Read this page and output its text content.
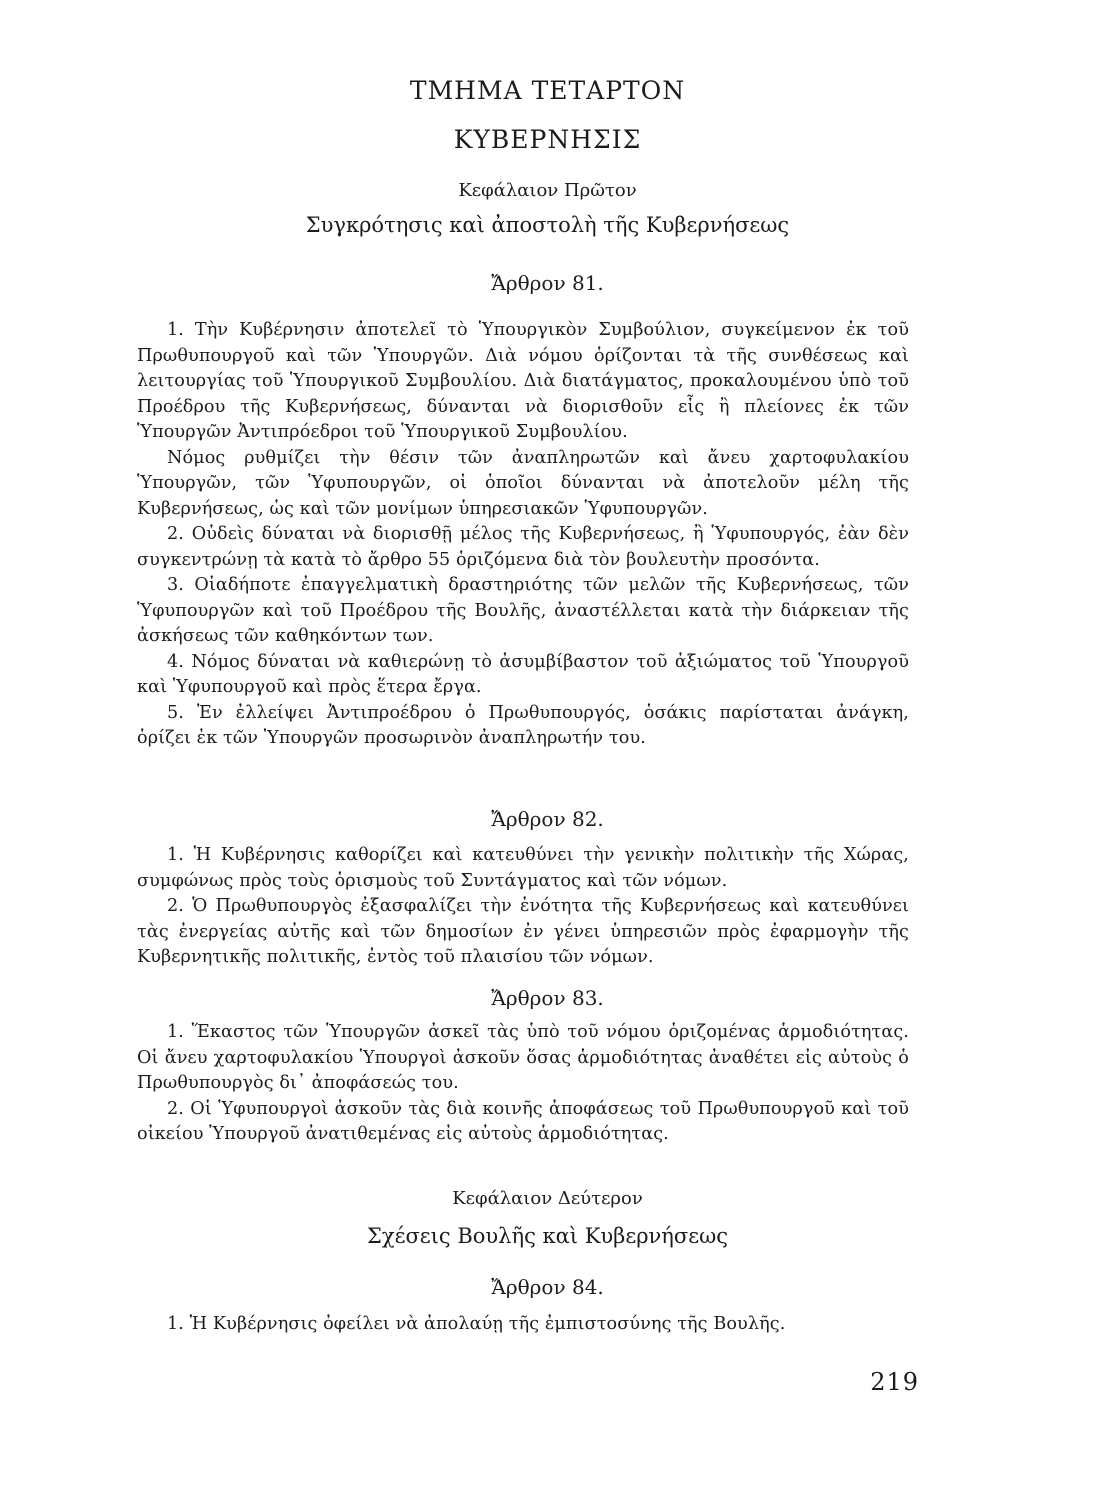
ΤΜΗΜΑ ΤΕΤΑΡΤΟΝ
ΚΥΒΕΡΝΗΣΙΣ
Κεφάλαιον Πρῶτον
Συγκρότησις καὶ ἀποστολὴ τῆς Κυβερνήσεως
Ἄρθρον 81.

1. Τὴν Κυβέρνησιν ἀποτελεῖ τὸ Ὑπουργικὸν Συμβούλιον, συγκείμενον ἐκ τοῦ Πρωθυπουργοῦ καὶ τῶν Ὑπουργῶν. Διὰ νόμου ὁρίζονται τὰ τῆς συνθέσεως καὶ λειτουργίας τοῦ Ὑπουργικοῦ Συμβουλίου. Διὰ διατάγματος, προκαλουμένου ὑπὸ τοῦ Προέδρου τῆς Κυβερνήσεως, δύνανται νὰ διορισθοῦν εἷς ἢ πλείονες ἐκ τῶν Ὑπουργῶν Ἀντιπρόεδροι τοῦ Ὑπουργικοῦ Συμβουλίου.

Νόμος ρυθμίζει τὴν θέσιν τῶν ἀναπληρωτῶν καὶ ἄνευ χαρτοφυλακίου Ὑπουργῶν, τῶν Ὑφυπουργῶν, οἱ ὁποῖοι δύνανται νὰ ἀποτελοῦν μέλη τῆς Κυβερνήσεως, ὡς καὶ τῶν μονίμων ὑπηρεσιακῶν Ὑφυπουργῶν.

2. Οὐδεὶς δύναται νὰ διορισθῇ μέλος τῆς Κυβερνήσεως, ἢ Ὑφυπουργός, ἐὰν δὲν συγκεντρώνῃ τὰ κατὰ τὸ ἄρθρο 55 ὁριζόμενα διὰ τὸν βουλευτὴν προσόντα.

3. Οἱαδήποτε ἐπαγγελματικὴ δραστηριότης τῶν μελῶν τῆς Κυβερνήσεως, τῶν Ὑφυπουργῶν καὶ τοῦ Προέδρου τῆς Βουλῆς, ἀναστέλλεται κατὰ τὴν διάρκειαν τῆς ἀσκήσεως τῶν καθηκόντων των.

4. Νόμος δύναται νὰ καθιερώνῃ τὸ ἀσυμβίβαστον τοῦ ἀξιώματος τοῦ Ὑπουργοῦ καὶ Ὑφυπουργοῦ καὶ πρὸς ἕτερα ἔργα.

5. Ἐν ἐλλείψει Ἀντιπροέδρου ὁ Πρωθυπουργός, ὁσάκις παρίσταται ἀνάγκη, ὁρίζει ἐκ τῶν Ὑπουργῶν προσωρινὸν ἀναπληρωτήν του.

Ἄρθρον 82.

1. Ἡ Κυβέρνησις καθορίζει καὶ κατευθύνει τὴν γενικὴν πολιτικὴν τῆς Χώρας, συμφώνως πρὸς τοὺς ὁρισμοὺς τοῦ Συντάγματος καὶ τῶν νόμων.

2. Ὁ Πρωθυπουργὸς ἐξασφαλίζει τὴν ἑνότητα τῆς Κυβερνήσεως καὶ κατευθύνει τὰς ἐνεργείας αὐτῆς καὶ τῶν δημοσίων ἐν γένει ὑπηρεσιῶν πρὸς ἐφαρμογὴν τῆς Κυβερνητικῆς πολιτικῆς, ἐντὸς τοῦ πλαισίου τῶν νόμων.

Ἄρθρον 83.

1. Ἕκαστος τῶν Ὑπουργῶν ἀσκεῖ τὰς ὑπὸ τοῦ νόμου ὁριζομένας ἁρμοδιότητας. Οἱ ἄνευ χαρτοφυλακίου Ὑπουργοὶ ἀσκοῦν ὅσας ἁρμοδιότητας ἀναθέτει εἰς αὐτοὺς ὁ Πρωθυπουργὸς δι᾽ ἀποφάσεώς του.

2. Οἱ Ὑφυπουργοὶ ἀσκοῦν τὰς διὰ κοινῆς ἀποφάσεως τοῦ Πρωθυπουργοῦ καὶ τοῦ οἰκείου Ὑπουργοῦ ἀνατιθεμένας εἰς αὐτοὺς ἁρμοδιότητας.

Κεφάλαιον Δεύτερον
Σχέσεις Βουλῆς καὶ Κυβερνήσεως
Ἄρθρον 84.

1. Ἡ Κυβέρνησις ὀφείλει νὰ ἀπολαύῃ τῆς ἐμπιστοσύνης τῆς Βουλῆς.

219
